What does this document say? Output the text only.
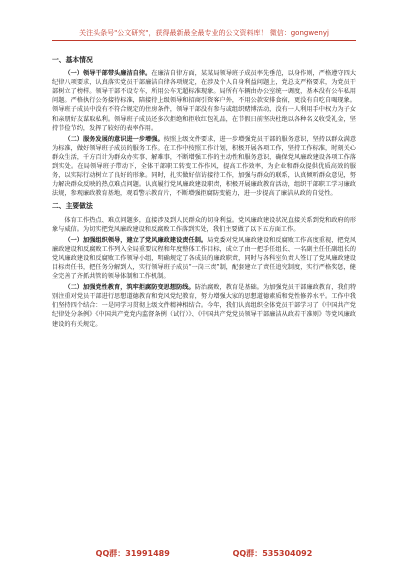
关注头条号"公文研究"，获得最新最全最专业的公文资料库！ 微信：gongwenyj
一、基本情况

（一）领导干部带头廉洁自律。在廉洁自律方面，某某局领导班子成员率先垂范，以身作则，严格遵守四大纪律八项要求，认真落实党员干部廉洁自律各项规定，在涉及个人自身利益问题上，党总支严格要求，为党员干部树立了榜样。领导干部不设专车，所用公车无超标准现象。局所有车辆由办公室统一调度，基本没有公车私用问题。严格执行公务接待标准，陪接待上级领导和招商引资客户外，不用公款安排食宿，更没有自吃自喝现象。领导班子成员中没有不符合规定的住房条件，领导干部没有参与或组织赌博活动，没有一人利用手中权力为子女和亲朋好友谋取私利。领导班子成员还多次拒绝和拒收红包礼品，在节假日前坚决杜绝以各种名义收受礼金，坚持节俭节约，发挥了较好的表率作用。

（二）服务发展的意识进一步增强。按照上级文件要求，进一步增强党员干部的服务意识，坚持以群众满意为标准，做好领导班子成员的服务工作。在工作中按照工作计划，积极开展各项工作，坚持工作标准，时刻关心群众生活，千方百计为群众办实事、解难事，不断增强工作的主动性和服务意识，确保党风廉政建设各项工作落到实处。在局领导班子带动下，全体干部职工转变工作作风，提高工作效率，为企业和群众提供优质高效的服务，以实际行动树立了良好的形象。同时，扎实做好信访接待工作，加强与群众的联系，认真倾听群众意见，努力解决群众反映的热点难点问题。认真履行党风廉政建设职责，积极开展廉政教育活动，组织干部职工学习廉政法规，参观廉政教育基地，观看警示教育片，不断增强拒腐防变能力，进一步提高了廉洁从政的自觉性。

二、主要做法

体育工作热点、难点问题多，直接涉及到人民群众的切身利益。党风廉政建设状况直接关系到党和政府的形象与威信。为切实把党风廉政建设和反腐败工作落到实处，我们主要做了以下五方面工作。

（一）加强组织领导，建立了党风廉政建设责任制。局党委对党风廉政建设和反腐败工作高度重视，把党风廉政建设和反腐败工作列入全局重要议程和年度整体工作目标，成立了由一把手任组长、一名副主任任副组长的党风廉政建设和反腐败工作领导小组，明确规定了各成员的廉政职责，同时与各科室负责人签订了党风廉政建设目标责任书，把任务分解到人，实行领导班子成员“一岗三责”制，配套建立了责任追究制度，实行严格奖惩，健全完善了齐抓共管的领导体制和工作机制。

（二）加强党性教育，筑牢拒腐防变思想防线。防治腐败，教育是基础。为加强党员干部廉政教育，我们特别注重对党员干部进行思想道德教育和党风党纪教育，努力增强大家的思想道德素质和党性修养水平。工作中我们坚持四个结合：一是同学习贯彻上级文件精神相结合。今年，我们认真组织全体党员干部学习了《中国共产党纪律处分条例》《中国共产党党内监督条例（试行）》、《中国共产党党员领导干部廉洁从政若干准则》等党风廉政建设的有关规定。

QQ群：31991489	QQ群：535304092
